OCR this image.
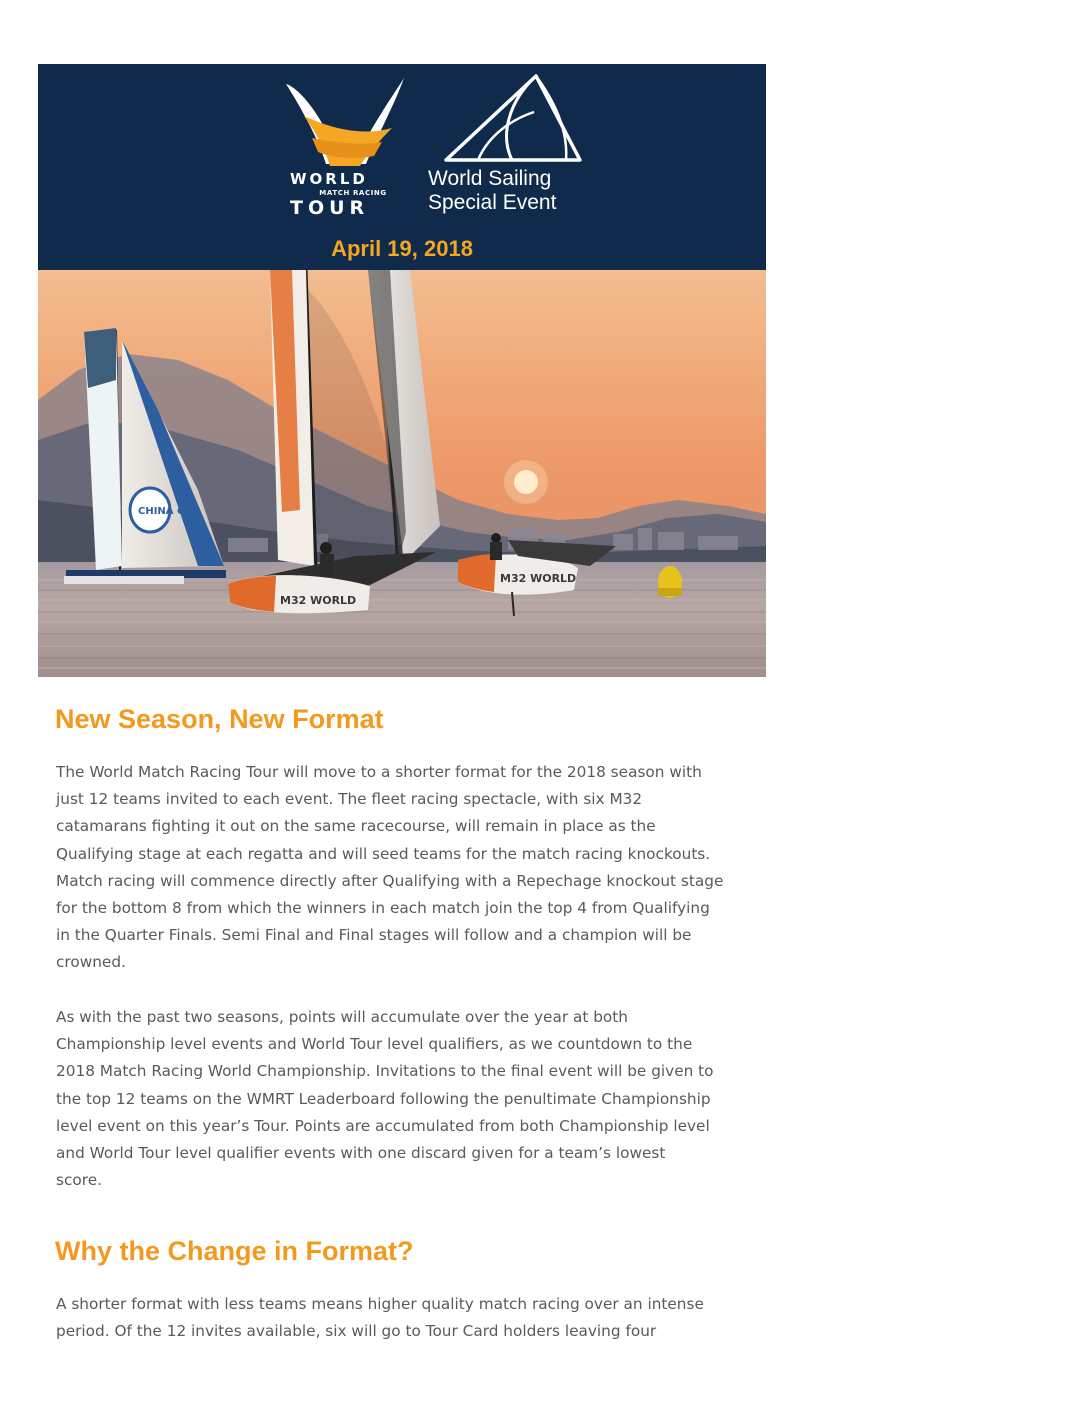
WORLD
MATCH RACING
TOUR
World Sailing
Special Event
April 19, 2018
CHINA CUP
M32 WORLD
M32 WORLD
New Season, New Format
The World Match Racing Tour will move to a shorter format for the 2018 season with
just 12 teams invited to each event. The fleet racing spectacle, with six M32
catamarans fighting it out on the same racecourse, will remain in place as the
Qualifying stage at each regatta and will seed teams for the match racing knockouts.
Match racing will commence directly after Qualifying with a Repechage knockout stage
for the bottom 8 from which the winners in each match join the top 4 from Qualifying
in the Quarter Finals. Semi Final and Final stages will follow and a champion will be
crowned.
As with the past two seasons, points will accumulate over the year at both
Championship level events and World Tour level qualifiers, as we countdown to the
2018 Match Racing World Championship. Invitations to the final event will be given to
the top 12 teams on the WMRT Leaderboard following the penultimate Championship
level event on this year’s Tour. Points are accumulated from both Championship level
and World Tour level qualifier events with one discard given for a team’s lowest
score.
Why the Change in Format?
A shorter format with less teams means higher quality match racing over an intense
period. Of the 12 invites available, six will go to Tour Card holders leaving four
